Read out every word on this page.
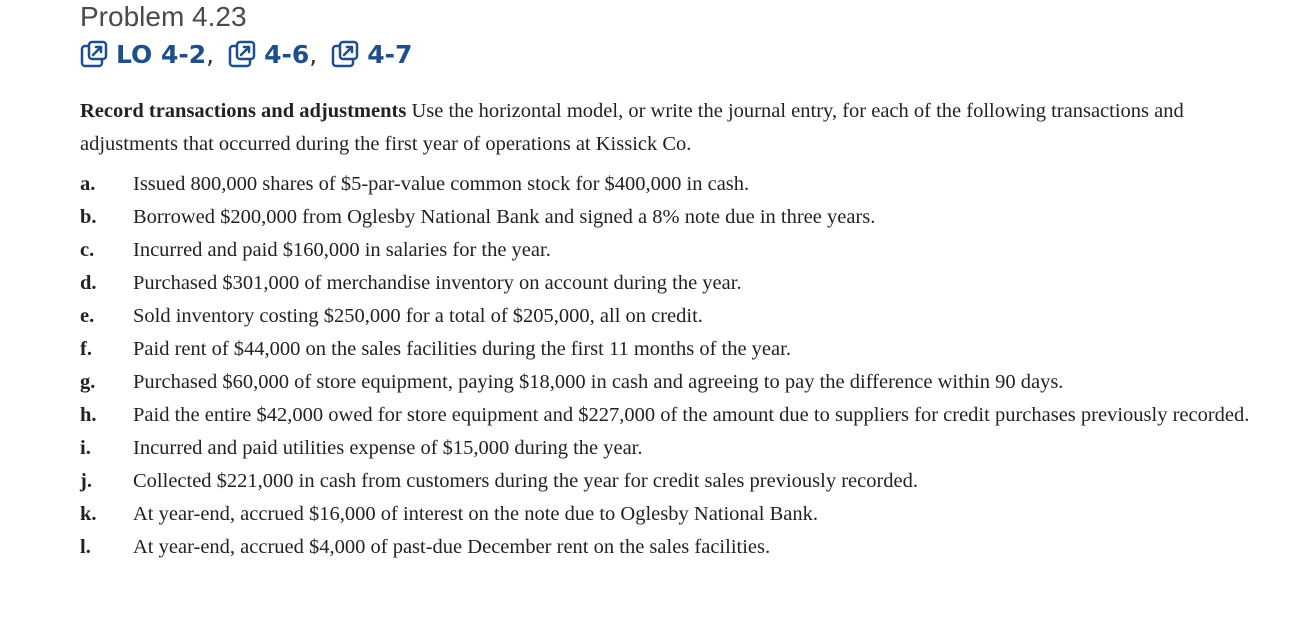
Problem 4.23
LO 4-2 , 4-6 , 4-7
Record transactions and adjustments Use the horizontal model, or write the journal entry, for each of the following transactions and adjustments that occurred during the first year of operations at Kissick Co.
a.	Issued 800,000 shares of $5-par-value common stock for $400,000 in cash.
b.	Borrowed $200,000 from Oglesby National Bank and signed a 8% note due in three years.
c.	Incurred and paid $160,000 in salaries for the year.
d.	Purchased $301,000 of merchandise inventory on account during the year.
e.	Sold inventory costing $250,000 for a total of $205,000, all on credit.
f.	Paid rent of $44,000 on the sales facilities during the first 11 months of the year.
g.	Purchased $60,000 of store equipment, paying $18,000 in cash and agreeing to pay the difference within 90 days.
h.	Paid the entire $42,000 owed for store equipment and $227,000 of the amount due to suppliers for credit purchases previously recorded.
i.	Incurred and paid utilities expense of $15,000 during the year.
j.	Collected $221,000 in cash from customers during the year for credit sales previously recorded.
k.	At year-end, accrued $16,000 of interest on the note due to Oglesby National Bank.
l.	At year-end, accrued $4,000 of past-due December rent on the sales facilities.
